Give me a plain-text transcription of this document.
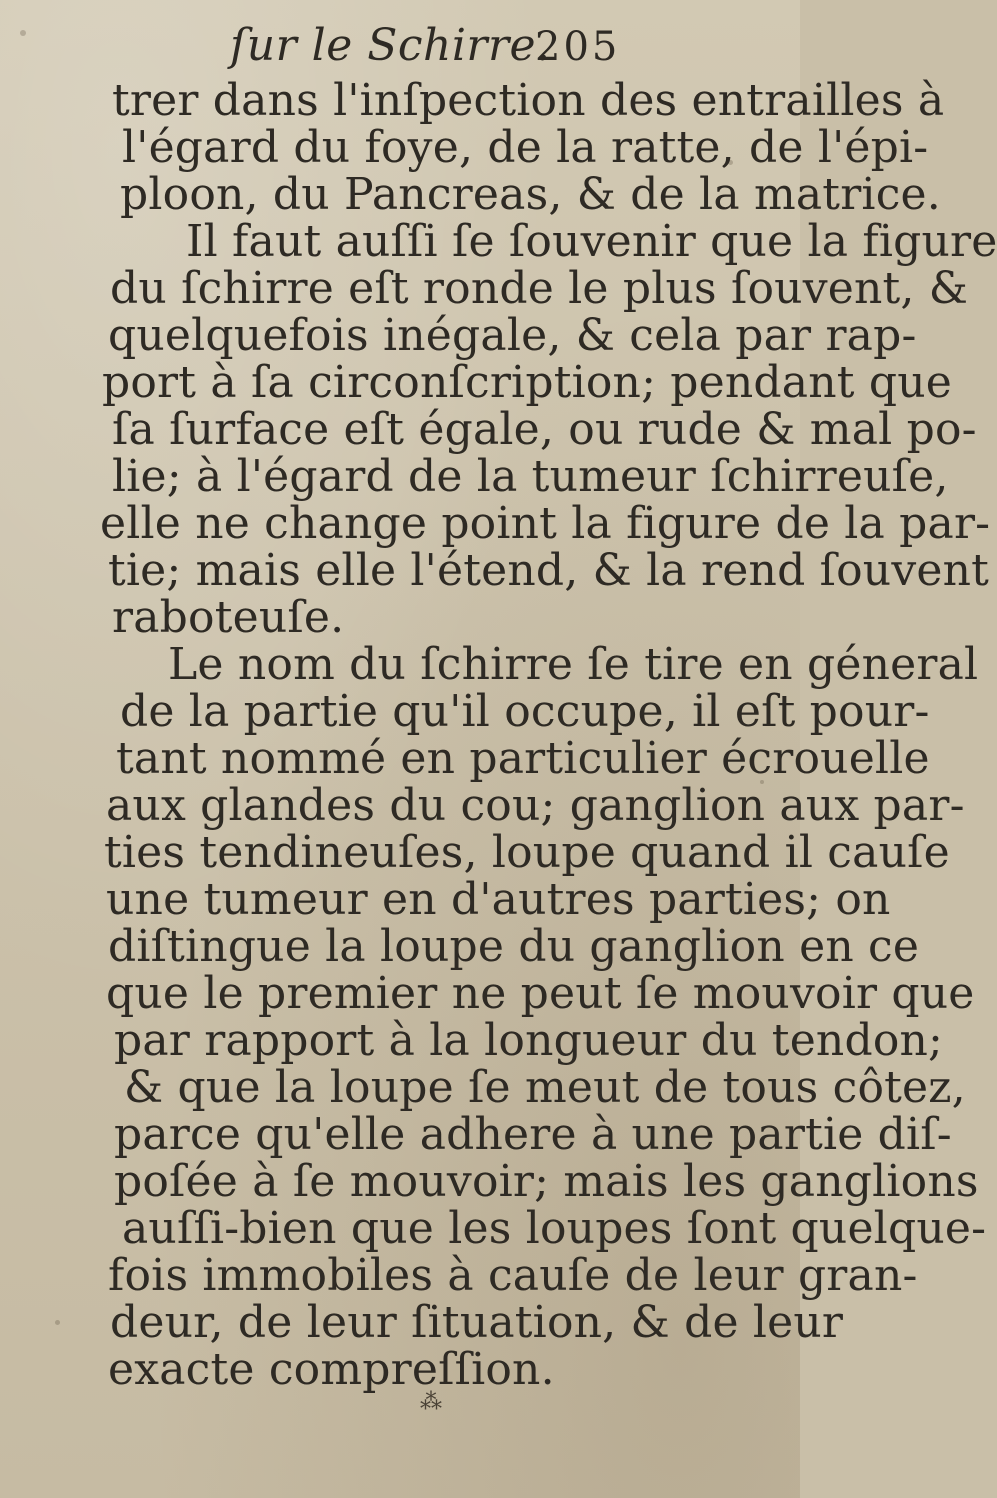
ſur le Schirre.
205
trer dans l'inſpection des entrailles à
l'égard du foye, de la ratte, de l'épi-
ploon, du Pancreas, & de la matrice.
Il faut auſſi ſe ſouvenir que la figure
du ſchirre eſt ronde le plus ſouvent, &
quelquefois inégale, & cela par rap-
port à ſa circonſcription; pendant que
ſa ſurface eſt égale, ou rude & mal po-
lie; à l'égard de la tumeur ſchirreuſe,
elle ne change point la figure de la par-
tie; mais elle l'étend, & la rend ſouvent
raboteuſe.
Le nom du ſchirre ſe tire en géneral
de la partie qu'il occupe, il eſt pour-
tant nommé en particulier écrouelle
aux glandes du cou; ganglion aux par-
ties tendineuſes, loupe quand il cauſe
une tumeur en d'autres parties; on
diſtingue la loupe du ganglion en ce
que le premier ne peut ſe mouvoir que
par rapport à la longueur du tendon;
& que la loupe ſe meut de tous côtez,
parce qu'elle adhere à une partie diſ-
poſée à ſe mouvoir; mais les ganglions
auſſi-bien que les loupes ſont quelque-
fois immobiles à cauſe de leur gran-
deur, de leur ſituation, & de leur
exacte compreſſion.
⁂
